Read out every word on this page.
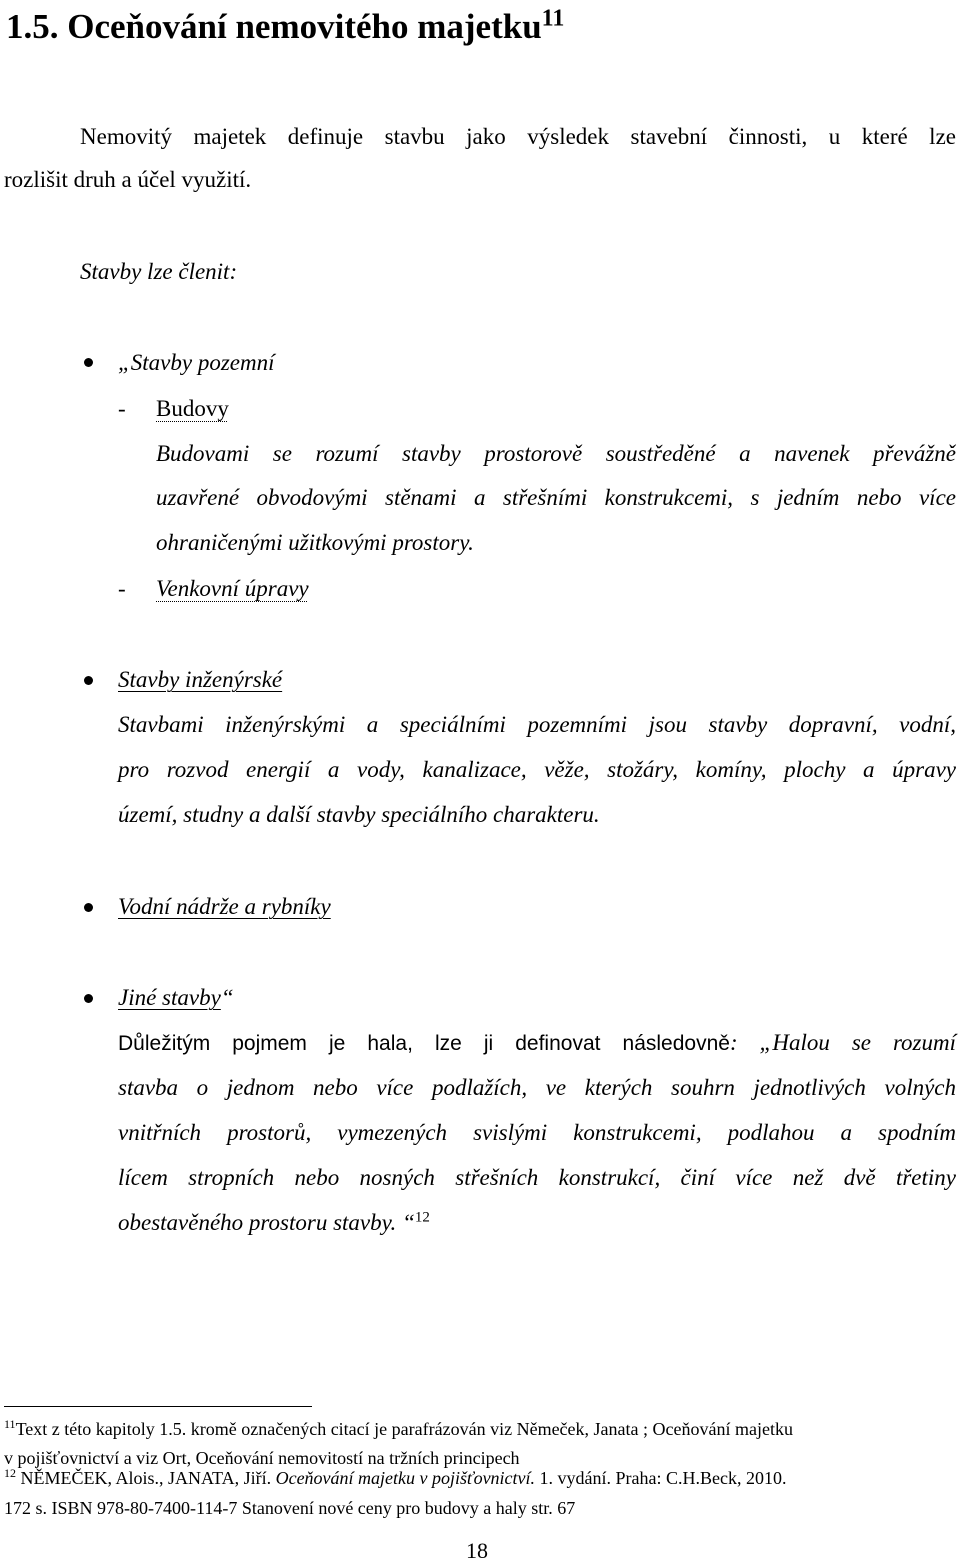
1.5. Oceňování nemovitého majetku$^{11}$
Nemovitý majetek definuje stavbu jako výsledek stavební činnosti, u které lze
rozlišit druh a účel využití.
Stavby lze členit:
„Stavby pozemní
- Budovy
Budovami se rozumí stavby prostorově soustředěné a navenek převážně
uzavřené obvodovými stěnami a střešními konstrukcemi, s jedním nebo více
ohraničenými užitkovými prostory.
- Venkovní úpravy
Stavby inženýrské
Stavbami inženýrskými a speciálními pozemními jsou stavby dopravní, vodní,
pro rozvod energií a vody, kanalizace, věže, stožáry, komíny, plochy a úpravy
území, studny a další stavby speciálního charakteru.
Vodní nádrže a rybníky
Jiné stavby“
Důležitým pojmem je hala, lze ji definovat následovně: „Halou se rozumí
stavba o jednom nebo více podlažích, ve kterých souhrn jednotlivých volných
vnitřních prostorů, vymezených svislými konstrukcemi, podlahou a spodním
lícem stropních nebo nosných střešních konstrukcí, činí více než dvě třetiny
obestavěného prostoru stavby. “$^{12}$
$^{11}$Text z této kapitoly 1.5. kromě označených citací je parafrázován viz Němeček, Janata ; Oceňování majetku
v pojišťovnictví a viz Ort, Oceňování nemovitostí na tržních principech
$^{12}$ NĚMEČEK, Alois., JANATA, Jiří. Oceňování majetku v pojišťovnictví. 1. vydání. Praha: C.H.Beck, 2010.
172 s. ISBN 978-80-7400-114-7 Stanovení nové ceny pro budovy a haly str. 67
18
